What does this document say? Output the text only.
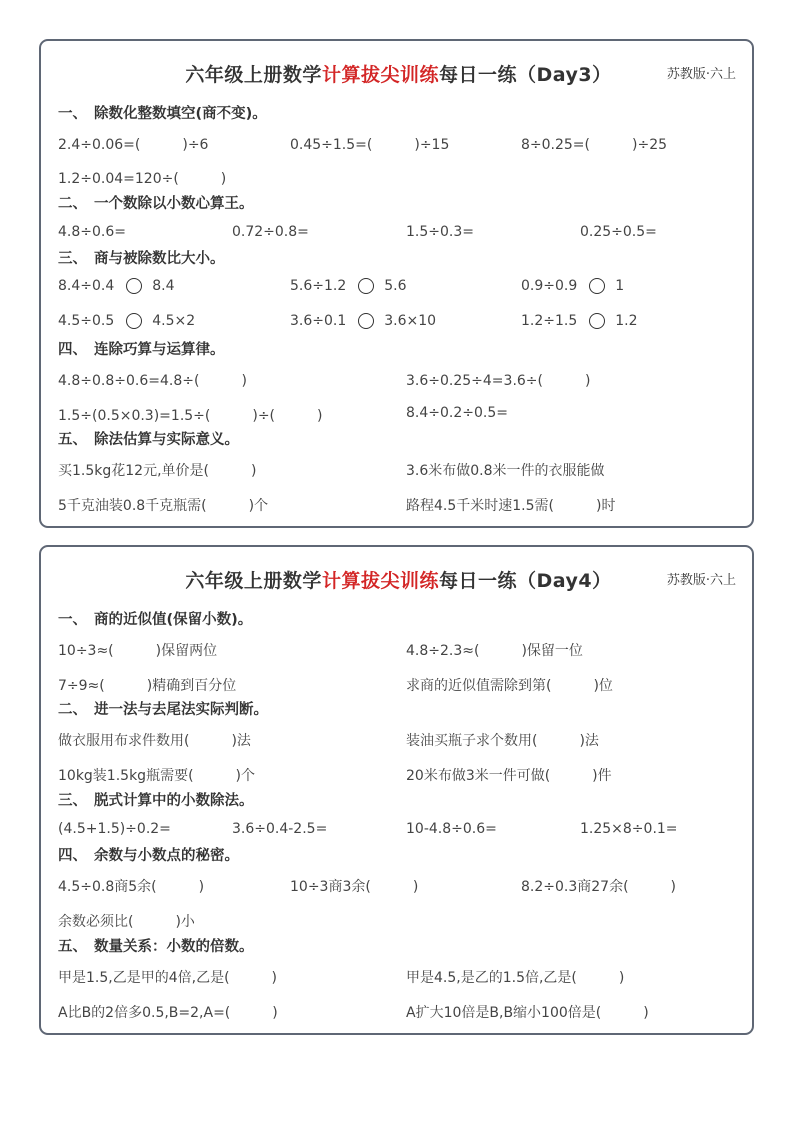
六年级上册数学计算拔尖训练每日一练（Day3）	苏教版·六上
一、 除数化整数填空(商不变)。
2.4÷0.06=(　　　)÷6	0.45÷1.5=(　　　)÷15	8÷0.25=(　　　)÷25
1.2÷0.04=120÷(　　　)
二、 一个数除以小数心算王。
4.8÷0.6=	0.72÷0.8=	1.5÷0.3=	0.25÷0.5=
三、 商与被除数比大小。
8.4÷0.4	8.4	5.6÷1.2	5.6	0.9÷0.9	1
4.5÷0.5	4.5×2	3.6÷0.1	3.6×10	1.2÷1.5	1.2
四、 连除巧算与运算律。
4.8÷0.8÷0.6=4.8÷(　　　)	3.6÷0.25÷4=3.6÷(　　　)
1.5÷(0.5×0.3)=1.5÷(　　　)÷(　　　)	8.4÷0.2÷0.5=
五、 除法估算与实际意义。
买1.5kg花12元,单价是(　　　)	3.6米布做0.8米一件的衣服能做
5千克油装0.8千克瓶需(　　　)个	路程4.5千米时速1.5需(　　　)时
六年级上册数学计算拔尖训练每日一练（Day4）	苏教版·六上
一、 商的近似值(保留小数)。
10÷3≈(　　　)保留两位	4.8÷2.3≈(　　　)保留一位
7÷9≈(　　　)精确到百分位	求商的近似值需除到第(　　　)位
二、 进一法与去尾法实际判断。
做衣服用布求件数用(　　　)法	装油买瓶子求个数用(　　　)法
10kg装1.5kg瓶需要(　　　)个	20米布做3米一件可做(　　　)件
三、 脱式计算中的小数除法。
(4.5+1.5)÷0.2=	3.6÷0.4-2.5=	10-4.8÷0.6=	1.25×8÷0.1=
四、 余数与小数点的秘密。
4.5÷0.8商5余(　　　)	10÷3商3余(　　　)	8.2÷0.3商27余(　　　)
余数必须比(　　　)小
五、 数量关系：小数的倍数。
甲是1.5,乙是甲的4倍,乙是(　　　)	甲是4.5,是乙的1.5倍,乙是(　　　)
A比B的2倍多0.5,B=2,A=(　　　)	A扩大10倍是B,B缩小100倍是(　　　)
